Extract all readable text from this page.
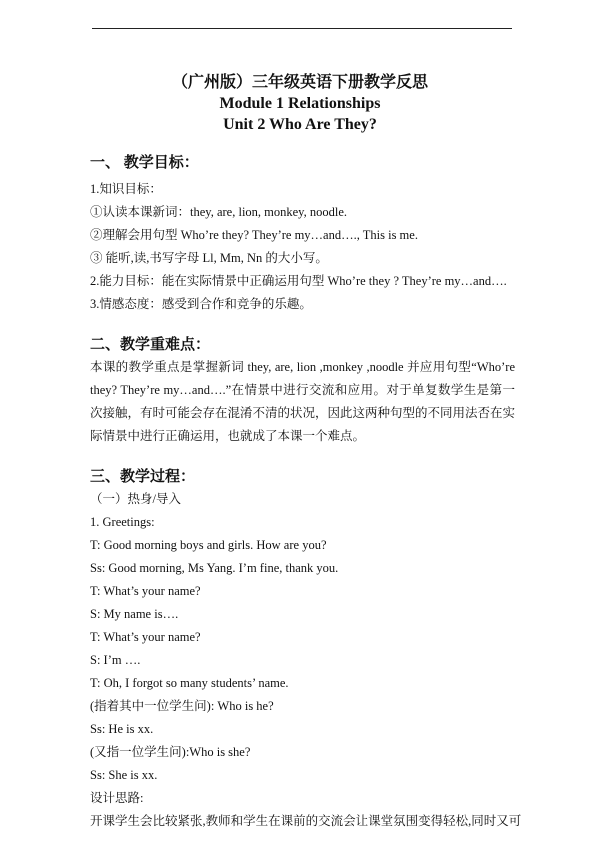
（广州版）三年级英语下册教学反思
Module 1 Relationships
Unit 2 Who Are They?
一、 教学目标：
1.知识目标：
①认读本课新词：they, are, lion, monkey, noodle.
②理解会用句型 Who’re they? They’re my…and…., This is me.
③ 能听,读,书写字母 Ll, Mm, Nn 的大小写。
2.能力目标：能在实际情景中正确运用句型 Who’re they ? They’re my…and….
3.情感态度：感受到合作和竞争的乐趣。
二、教学重难点：
本课的教学重点是掌握新词 they, are, lion ,monkey ,noodle 并应用句型“Who’re they? They’re my…and….”在情景中进行交流和应用。对于单复数学生是第一次接触，有时可能会存在混淆不清的状况，因此这两种句型的不同用法否在实际情景中进行正确运用，也就成了本课一个难点。
三、教学过程：
（一）热身/导入
1. Greetings:
T: Good morning boys and girls. How are you?
Ss: Good morning, Ms Yang. I’m fine, thank you.
T: What’s your name?
S: My name is….
T: What’s your name?
S: I’m ….
T: Oh, I forgot so many students’ name.
(指着其中一位学生问): Who is he?
Ss: He is xx.
(又指一位学生问):Who is she?
Ss: She is xx.
设计思路:
开课学生会比较紧张,教师和学生在课前的交流会让课堂氛围变得轻松,同时又可
